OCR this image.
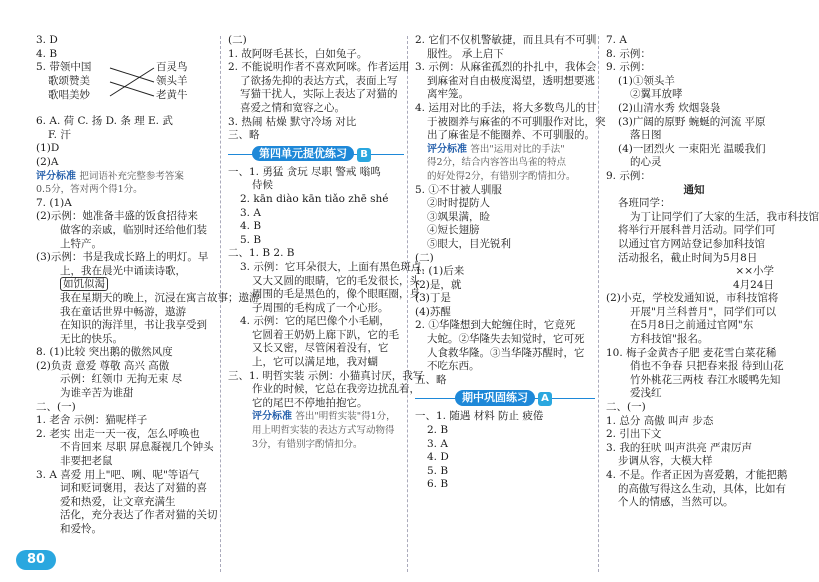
3. D
4. B
5. 带领中国
歌颂赞美
歌唱美妙
百灵鸟
领头羊
老黄牛
6. A. 荷 C. 扬 D. 条 理 E. 武
F. 汗
(1)D
(2)A
评分标准 把词语补充完整参考答案
0.5分，答对两个得1分。
7. (1)A
(2)示例：她准备丰盛的饭食招待来
做客的亲戚，临别时还给他们装
上特产。
(3)示例：书是我成长路上的明灯。早
上，我在晨光中诵读诗歌，
如饥似渴
我在星期天的晚上，沉浸在寓言故事；遨游
我在童话世界中畅游，遨游
在知识的海洋里，书让我享受到
无比的快乐。
8. (1)比较 突出鹅的傲然风度
(2)负责 意爱 尊敬 高兴 高傲
示例：红领巾 无拘无束 尽
为谁辛苦为谁甜
二、(一)
1. 老舍 示例：猫呢样子
2. 老实 出走一天一夜，怎么呼唤也
不肯回来 尽职 屏息凝视几个钟头
非要把老鼠
3. A 喜爱 用上"吧、咧、呢"等语气
词和贬词褒用，表达了对猫的喜
爱和热爱，让文章充满生
活化，充分表达了作者对猫的关切
和爱怜。
(二)
1. 故阿呀毛甚长，白如兔子。
2. 不能说明作者不喜欢阿咪。作者运用
了欲扬先抑的表达方式，表面上写
写猫干扰人，实际上表达了对猫的
喜爱之情和宽容之心。
3. 热闹 枯燥 默守冷场 对比
三、略
第四单元提优练习 B
一、1. 勇猛 贪玩 尽职 警戒 嗡鸣
侍候
2. kān diào kān tiǎo zhē shé
3. A
4. B
5. B
二、1. B 2. B
3. 示例：它耳朵很大，上面有黑色斑点，
又大又圆的眼睛，它的毛发很长，头
周围的毛是黑色的，像个眼眶圈，身
子周围的毛构成了一个心形。
4. 示例：它的尾巴像个小毛刷，
它圆着王奶奶上廊下趴，它的毛
又长又密，尽管闲着没有，它
上，它可以满足地，我对蝴
三、1. 明哲实装 示例：小猫真讨厌，我写
作业的时候，它总在我旁边扰乱着，
它的尾巴不停地拍抱它。
评分标准 答出"明哲实装"得1分，
用上明哲实装的表达方式写动物得
3分，有错别字酌情扣分。
2. 它们不仅机警敏捷，而且具有不可驯
服性。 承上启下
3. 示例：从麻雀孤烈的扑扎中，我体会
到麻雀对自由极度渴望，透明想要逃
离牢笼。
4. 运用对比的手法，将大多数鸟儿的甘
于被圈养与麻雀的不可驯服作对比，突
出了麻雀是不能圈养、不可驯服的。
评分标准 答出"运用对比的手法"
得2分，结合内容答出鸟雀的特点
的好处得2分，有错别字酌情扣分。
5. ①不甘被人驯服
②时时提防人
③飒果满，睑
④短长翅膀
⑤眼大，目光锐利
(二)
1. (1)后来
(2)是，就
(3)丁是
(4)苏醒
2. ①华隆想到大蛇缠住时，它竟死
大蛇。②华隆失去知觉时，它可死
人食救华隆。③当华隆苏醒时，它
不吃东西。
五、略
期中巩固练习 A
一、1. 随遇 材料 防止 疲倦
2. B
3. A
4. D
5. B
6. B
7. A
8. 示例：
9. 示例：
(1)①领头羊
②翼耳放哮
(2)山清水秀 炊烟袅袅
(3)广阔的原野 蜿蜒的河流 平原
落日图
(4)一团烈火 一束阳光 温暖我们
的心灵
9. 示例：
通知
各班同学：
为丁让同学们了大家的生活，我市科技馆
将举行开展科普月活动。同学们可
以通过官方网站登记参加科技馆
活动报名，截止时间为5月8日
××小学
4月24日
(2)小克，学校发通知说，市科技馆将
开展"月兰科普月"，同学们可以
在5月8日之前通过官网"东
方科技馆"报名。
10. 梅子金黄杏子肥 麦花雪白菜花稀
俏也不争春 只把春来报 待到山花
竹外桃花三两枝 春江水暖鸭先知
爱浅红
二、(一)
1. 总分 高傲 叫声 步态
2. 引出下文
3. 我的狂吠 叫声洪亮 严肃厉声
步调从容，大模大样
4. 不是。作者正因为喜爱鹅，才能把鹅
的高傲写得这么生动，具体，比如有
个人的情感，当然可以。
80
